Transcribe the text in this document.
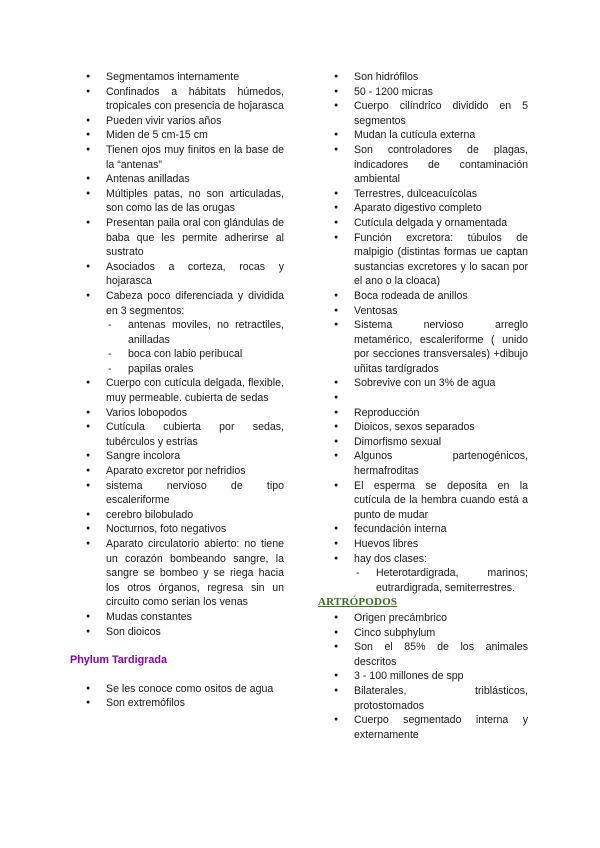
● Segmentamos internamente
● Confinados a hábitats húmedos, tropicales con presencia de hojarasca
● Pueden vivir varios años
● Miden de 5 cm-15 cm
● Tienen ojos muy finitos en la base de la “antenas”
● Antenas anilladas
● Múltiples patas, no son articuladas, son como las de las orugas
● Presentan paila oral con glándulas de baba que les permite adherirse al sustrato
● Asociados a corteza, rocas y hojarasca
● Cabeza poco diferenciada y dividida en 3 segmentos:
- antenas moviles, no retractiles, anilladas
- boca con labio peribucal
- papilas orales
● Cuerpo con cutícula delgada, flexible, muy permeable. cubierta de sedas
● Varios lobopodos
● Cutícula cubierta por sedas, tubérculos y estrías
● Sangre incolora
● Aparato excretor por nefridios
● sistema nervioso de tipo escaleriforme
● cerebro bilobulado
● Nocturnos, foto negativos
● Aparato circulatorio abierto: no tiene un corazón bombeando sangre, la sangre se bombeo y se riega hacia los otros órganos, regresa sin un circuito como serian los venas
● Mudas constantes
● Son dioicos
Phylum Tardigrada
● Se les conoce como ositos de agua
● Son extremófilos
● Son hidrófilos
● 50 - 1200 micras
● Cuerpo cilíndrico dividido en 5 segmentos
● Mudan la cutícula externa
● Son controladores de plagas, indicadores de contaminación ambiental
● Terrestres, dulceacuícolas
● Aparato digestivo completo
● Cutícula delgada y ornamentada
● Función excretora: túbulos de malpigio (distintas formas ue captan sustancias excretores y lo sacan por el ano o la cloaca)
● Boca rodeada de anillos
● Ventosas
● Sistema nervioso arreglo metamérico, escaleriforme ( unido por secciones transversales) +dibujo uñitas tardígrados
● Sobrevive con un 3% de agua
●
● Reproducción
● Dioicos, sexos separados
● Dimorfismo sexual
● Algunos partenogénicos, hermafroditas
● El esperma se deposita en la cutícula de la hembra cuando está a punto de mudar
● fecundación interna
● Huevos libres
● hay dos clases:
- Heterotardigrada, marinos; eutrardigrada, semiterrestres.
ARTRÓPODOS
● Origen precámbrico
● Cinco subphylum
● Son el 85% de los animales descritos
● 3 - 100 millones de spp
● Bilaterales, triblásticos, protostomados
● Cuerpo segmentado interna y externamente
